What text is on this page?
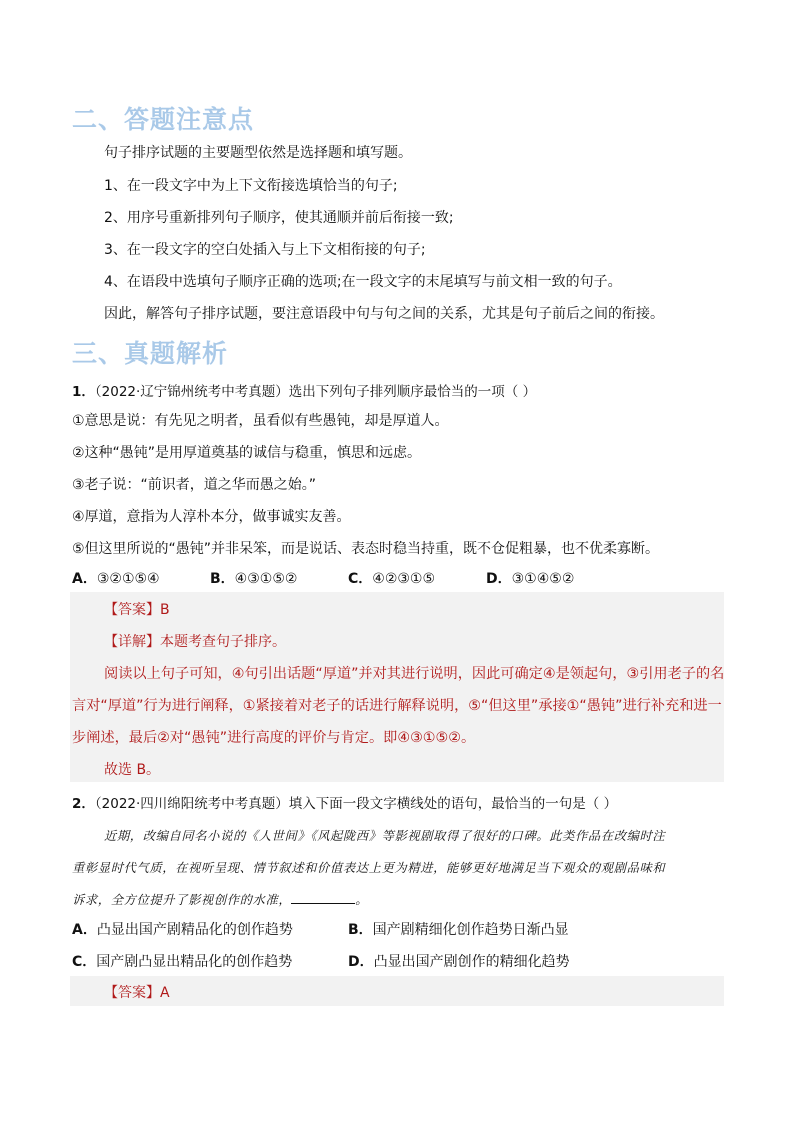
二、答题注意点
句子排序试题的主要题型依然是选择题和填写题。
1、在一段文字中为上下文衔接选填恰当的句子;
2、用序号重新排列句子顺序，使其通顺并前后衔接一致;
3、在一段文字的空白处插入与上下文相衔接的句子;
4、在语段中选填句子顺序正确的选项;在一段文字的末尾填写与前文相一致的句子。
因此，解答句子排序试题，要注意语段中句与句之间的关系，尤其是句子前后之间的衔接。
三、真题解析
1．（2022·辽宁锦州统考中考真题）选出下列句子排列顺序最恰当的一项（ ）
①意思是说：有先见之明者，虽看似有些愚钝，却是厚道人。
②这种“愚钝”是用厚道奠基的诚信与稳重，慎思和远虑。
③老子说：“前识者，道之华而愚之始。”
④厚道，意指为人淳朴本分，做事诚实友善。
⑤但这里所说的“愚钝”并非呆笨，而是说话、表态时稳当持重，既不仓促粗暴，也不优柔寡断。
A．③②①⑤④	B．④③①⑤②	C．④②③①⑤	D．③①④⑤②
【答案】B
【详解】本题考查句子排序。
阅读以上句子可知，④句引出话题“厚道”并对其进行说明，因此可确定④是领起句，③引用老子的名
言对“厚道”行为进行阐释，①紧接着对老子的话进行解释说明，⑤“但这里”承接①“愚钝”进行补充和进一
步阐述，最后②对“愚钝”进行高度的评价与肯定。即④③①⑤②。
故选 B。
2．（2022·四川绵阳统考中考真题）填入下面一段文字横线处的语句，最恰当的一句是（ ）
近期，改编自同名小说的《人世间》《风起陇西》等影视剧取得了很好的口碑。此类作品在改编时注
重彰显时代气质，在视听呈现、情节叙述和价值表达上更为精进，能够更好地满足当下观众的观剧品味和
诉求，全方位提升了影视创作的水准，	。
A．凸显出国产剧精品化的创作趋势	B．国产剧精细化创作趋势日渐凸显
C．国产剧凸显出精品化的创作趋势	D．凸显出国产剧创作的精细化趋势
【答案】A
